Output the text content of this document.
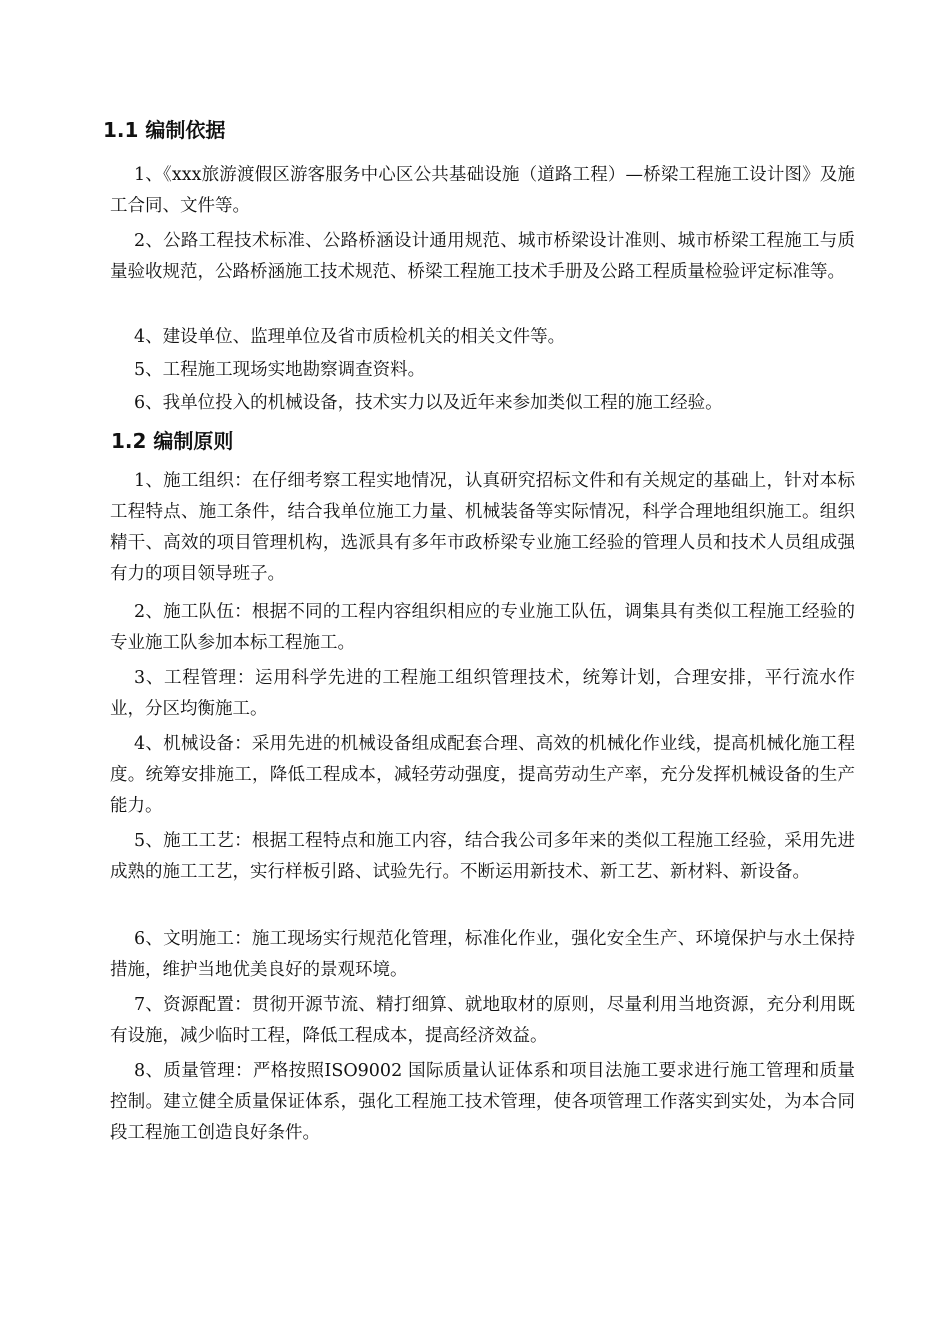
1.1 编制依据

1、《xxx旅游渡假区游客服务中心区公共基础设施（道路工程）—桥梁工程施工设计图》及施工合同、文件等。

2、公路工程技术标准、公路桥涵设计通用规范、城市桥梁设计准则、城市桥梁工程施工与质量验收规范，公路桥涵施工技术规范、桥梁工程施工技术手册及公路工程质量检验评定标准等。

4、建设单位、监理单位及省市质检机关的相关文件等。

5、工程施工现场实地勘察调查资料。

6、我单位投入的机械设备，技术实力以及近年来参加类似工程的施工经验。

1.2 编制原则

1、施工组织：在仔细考察工程实地情况，认真研究招标文件和有关规定的基础上，针对本标工程特点、施工条件，结合我单位施工力量、机械装备等实际情况，科学合理地组织施工。组织精干、高效的项目管理机构，选派具有多年市政桥梁专业施工经验的管理人员和技术人员组成强有力的项目领导班子。

2、施工队伍：根据不同的工程内容组织相应的专业施工队伍，调集具有类似工程施工经验的专业施工队参加本标工程施工。

3、工程管理：运用科学先进的工程施工组织管理技术，统筹计划，合理安排，平行流水作业，分区均衡施工。

4、机械设备：采用先进的机械设备组成配套合理、高效的机械化作业线，提高机械化施工程度。统筹安排施工，降低工程成本，减轻劳动强度，提高劳动生产率，充分发挥机械设备的生产能力。

5、施工工艺：根据工程特点和施工内容，结合我公司多年来的类似工程施工经验，采用先进成熟的施工工艺，实行样板引路、试验先行。不断运用新技术、新工艺、新材料、新设备。

6、文明施工：施工现场实行规范化管理，标准化作业，强化安全生产、环境保护与水土保持措施，维护当地优美良好的景观环境。

7、资源配置：贯彻开源节流、精打细算、就地取材的原则，尽量利用当地资源，充分利用既有设施，减少临时工程，降低工程成本，提高经济效益。

8、质量管理：严格按照ISO9002 国际质量认证体系和项目法施工要求进行施工管理和质量控制。建立健全质量保证体系，强化工程施工技术管理，使各项管理工作落实到实处，为本合同段工程施工创造良好条件。
